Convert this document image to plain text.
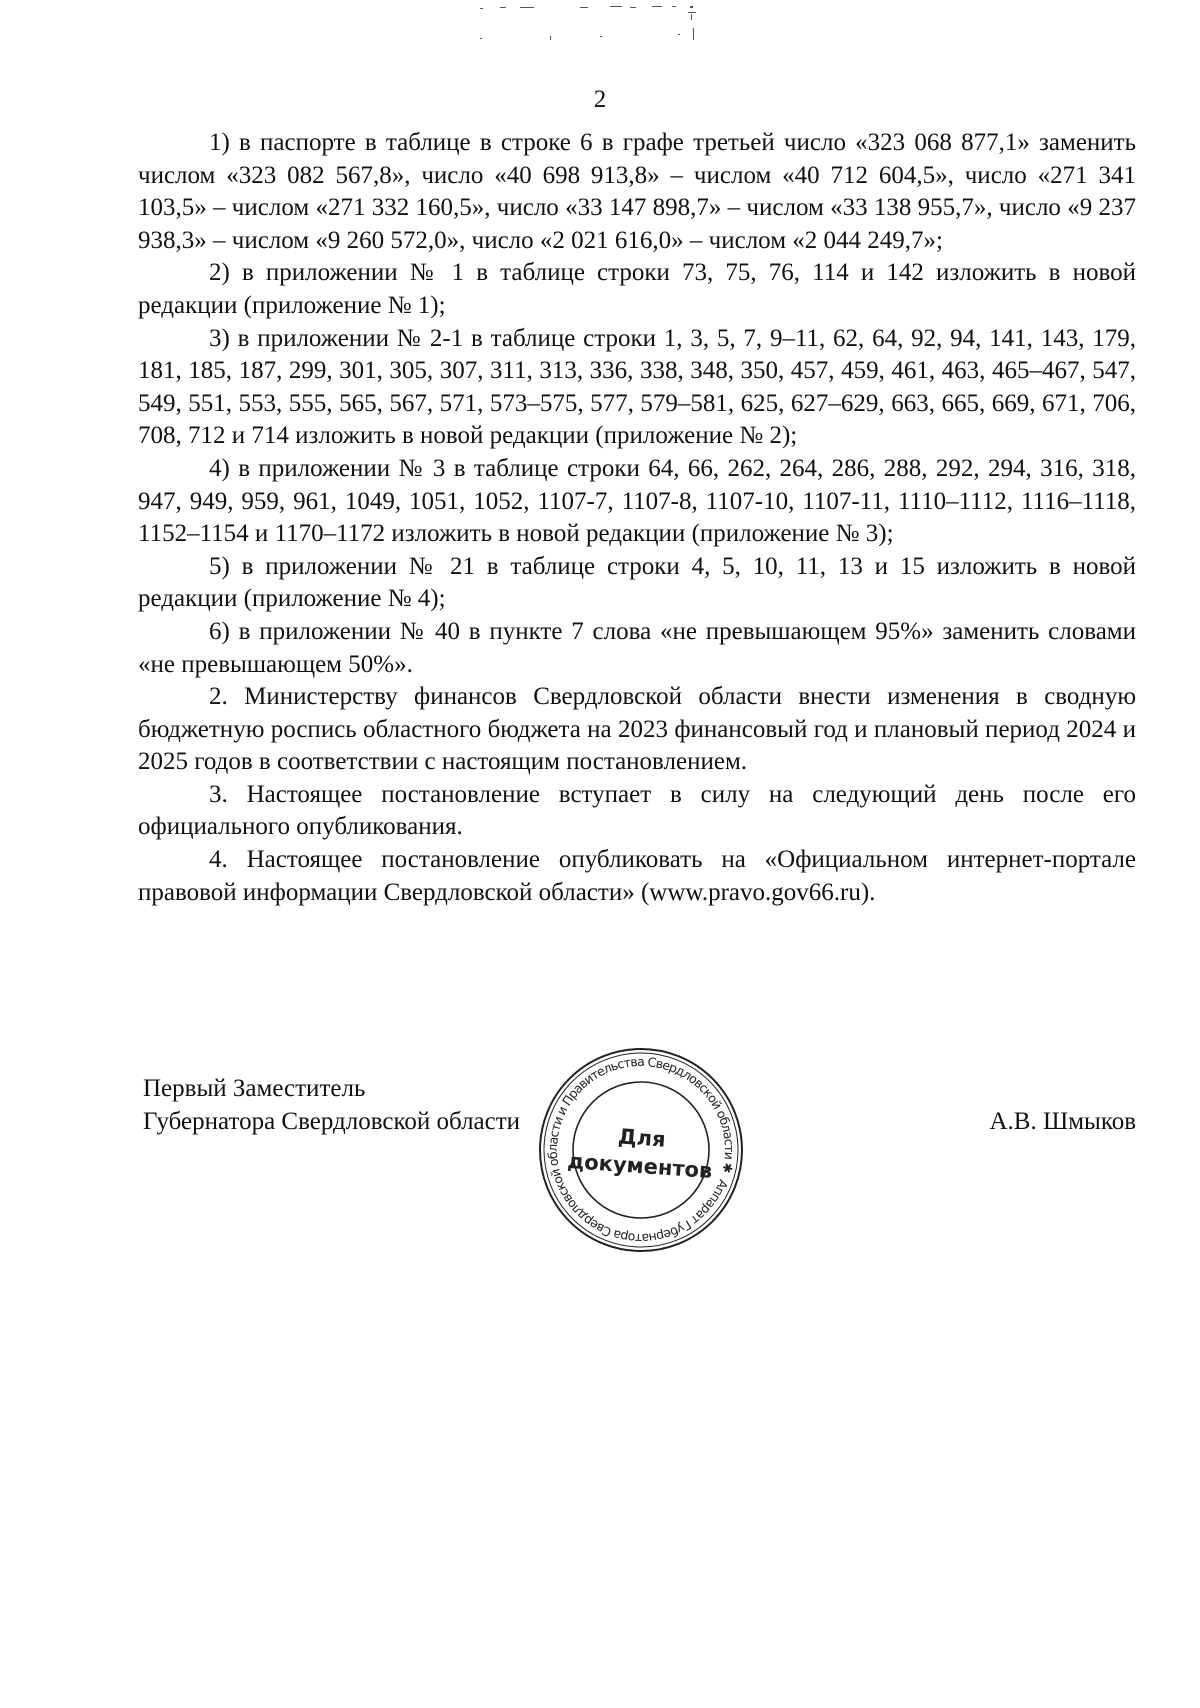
2

1) в паспорте в таблице в строке 6 в графе третьей число «323 068 877,1» заменить числом «323 082 567,8», число «40 698 913,8» – числом «40 712 604,5», число «271 341 103,5» – числом «271 332 160,5», число «33 147 898,7» – числом «33 138 955,7», число «9 237 938,3» – числом «9 260 572,0», число «2 021 616,0» – числом «2 044 249,7»;

2) в приложении № 1 в таблице строки 73, 75, 76, 114 и 142 изложить в новой редакции (приложение № 1);

3) в приложении № 2-1 в таблице строки 1, 3, 5, 7, 9–11, 62, 64, 92, 94, 141, 143, 179, 181, 185, 187, 299, 301, 305, 307, 311, 313, 336, 338, 348, 350, 457, 459, 461, 463, 465–467, 547, 549, 551, 553, 555, 565, 567, 571, 573–575, 577, 579–581, 625, 627–629, 663, 665, 669, 671, 706, 708, 712 и 714 изложить в новой редакции (приложение № 2);

4) в приложении № 3 в таблице строки 64, 66, 262, 264, 286, 288, 292, 294, 316, 318, 947, 949, 959, 961, 1049, 1051, 1052, 1107-7, 1107-8, 1107-10, 1107-11, 1110–1112, 1116–1118, 1152–1154 и 1170–1172 изложить в новой редакции (приложение № 3);

5) в приложении № 21 в таблице строки 4, 5, 10, 11, 13 и 15 изложить в новой редакции (приложение № 4);

6) в приложении № 40 в пункте 7 слова «не превышающем 95%» заменить словами «не превышающем 50%».

2. Министерству финансов Свердловской области внести изменения в сводную бюджетную роспись областного бюджета на 2023 финансовый год и плановый период 2024 и 2025 годов в соответствии с настоящим постановлением.

3. Настоящее постановление вступает в силу на следующий день после его официального опубликования.

4. Настоящее постановление опубликовать на «Официальном интернет-портале правовой информации Свердловской области» (www.pravo.gov66.ru).

Первый Заместитель
Губернатора Свердловской области	А.В. Шмыков
Аппарат Губернатора Свердловской области и Правительства Свердловской области ✱
Для
документов
